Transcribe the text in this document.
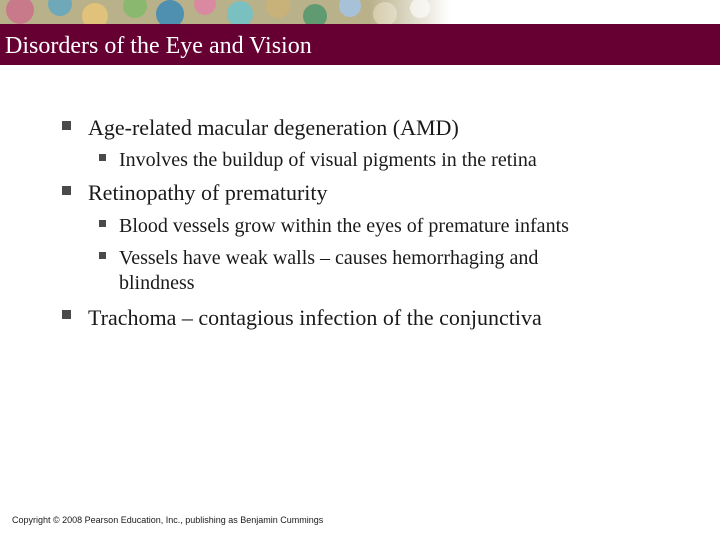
Disorders of the Eye and Vision
Age-related macular degeneration (AMD)
Involves the buildup of visual pigments in the retina
Retinopathy of prematurity
Blood vessels grow within the eyes of premature infants
Vessels have weak walls – causes hemorrhaging and blindness
Trachoma – contagious infection of the conjunctiva
Copyright © 2008 Pearson Education, Inc., publishing as Benjamin Cummings
